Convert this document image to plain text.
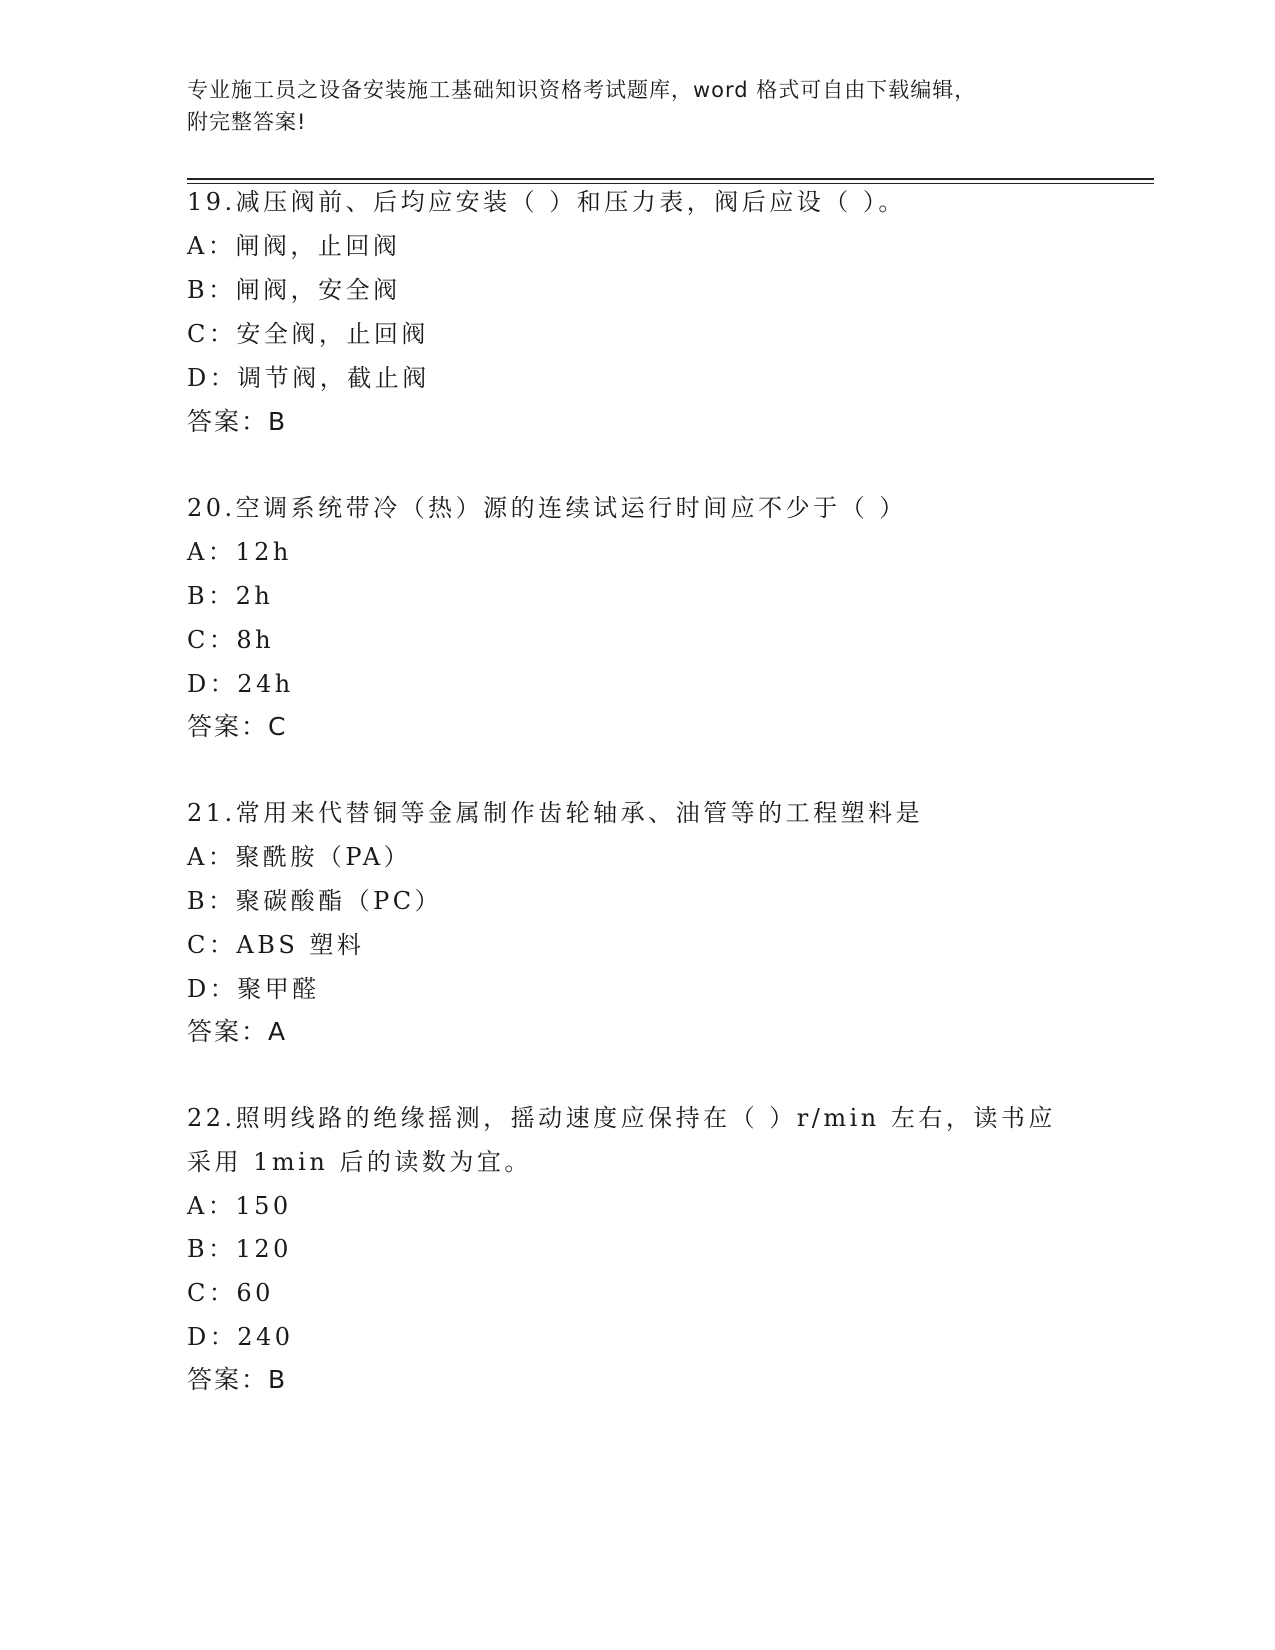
专业施工员之设备安装施工基础知识资格考试题库，word 格式可自由下载编辑，
附完整答案!
19.减压阀前、后均应安装（ ）和压力表，阀后应设（ ）。
A：闸阀，止回阀
B：闸阀，安全阀
C：安全阀，止回阀
D：调节阀，截止阀
答案：B
20.空调系统带冷（热）源的连续试运行时间应不少于（ ）
A：12h
B：2h
C：8h
D：24h
答案：C
21.常用来代替铜等金属制作齿轮轴承、油管等的工程塑料是
A：聚酰胺（PA）
B：聚碳酸酯（PC）
C：ABS 塑料
D：聚甲醛
答案：A
22.照明线路的绝缘摇测，摇动速度应保持在（ ）r/min 左右，读书应
采用 1min 后的读数为宜。
A：150
B：120
C：60
D：240
答案：B
